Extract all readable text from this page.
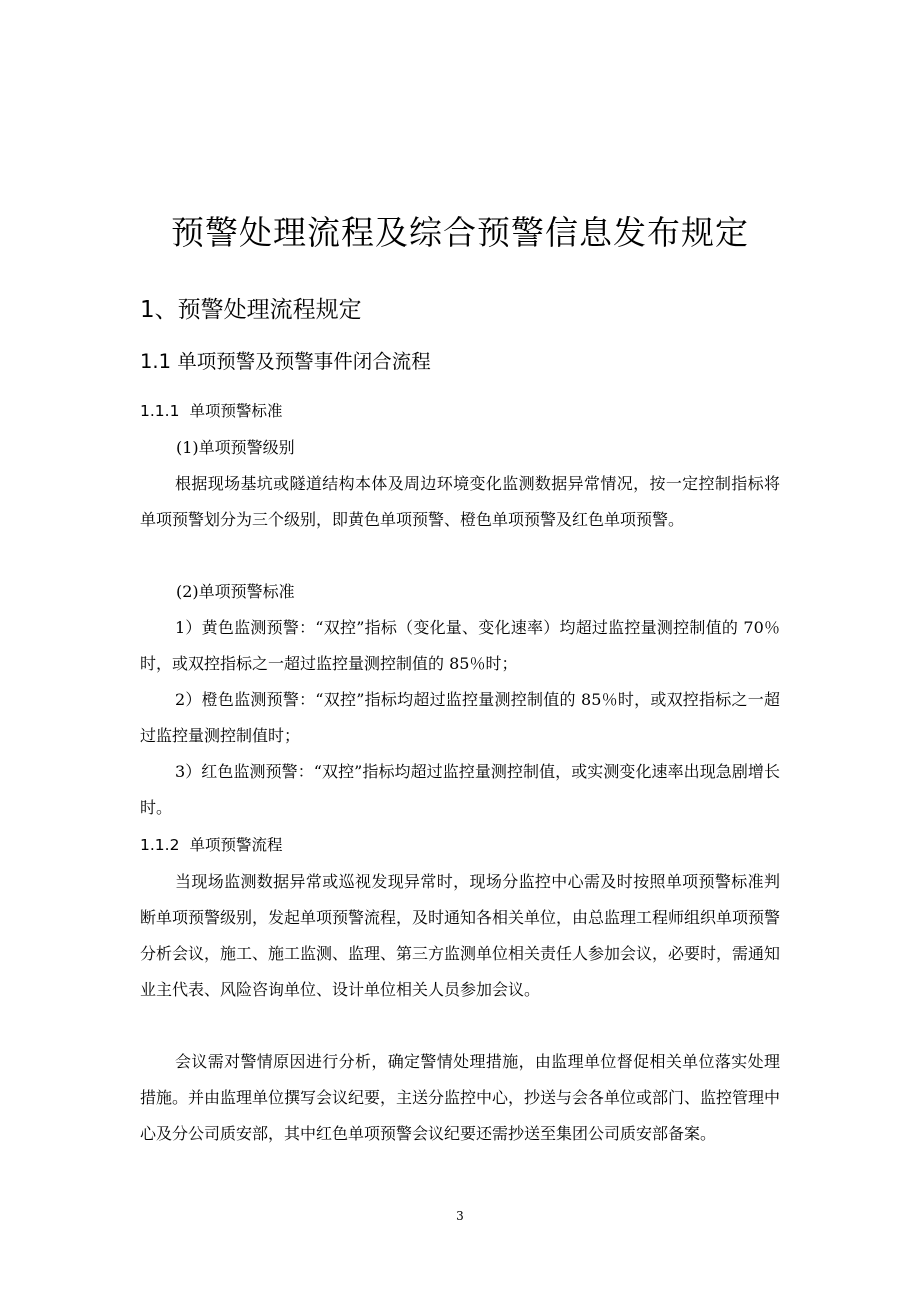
预警处理流程及综合预警信息发布规定
1、预警处理流程规定
1.1 单项预警及预警事件闭合流程
1.1.1 单项预警标准

(1)单项预警级别

根据现场基坑或隧道结构本体及周边环境变化监测数据异常情况，按一定控制指标将单项预警划分为三个级别，即黄色单项预警、橙色单项预警及红色单项预警。

(2)单项预警标准

1）黄色监测预警：“双控”指标（变化量、变化速率）均超过监控量测控制值的 70％时，或双控指标之一超过监控量测控制值的 85％时；

2）橙色监测预警：“双控”指标均超过监控量测控制值的 85％时，或双控指标之一超过监控量测控制值时；

3）红色监测预警：“双控”指标均超过监控量测控制值，或实测变化速率出现急剧增长时。

1.1.2 单项预警流程

当现场监测数据异常或巡视发现异常时，现场分监控中心需及时按照单项预警标准判断单项预警级别，发起单项预警流程，及时通知各相关单位，由总监理工程师组织单项预警分析会议，施工、施工监测、监理、第三方监测单位相关责任人参加会议，必要时，需通知业主代表、风险咨询单位、设计单位相关人员参加会议。

会议需对警情原因进行分析，确定警情处理措施，由监理单位督促相关单位落实处理措施。并由监理单位撰写会议纪要，主送分监控中心，抄送与会各单位或部门、监控管理中心及分公司质安部，其中红色单项预警会议纪要还需抄送至集团公司质安部备案。

3
